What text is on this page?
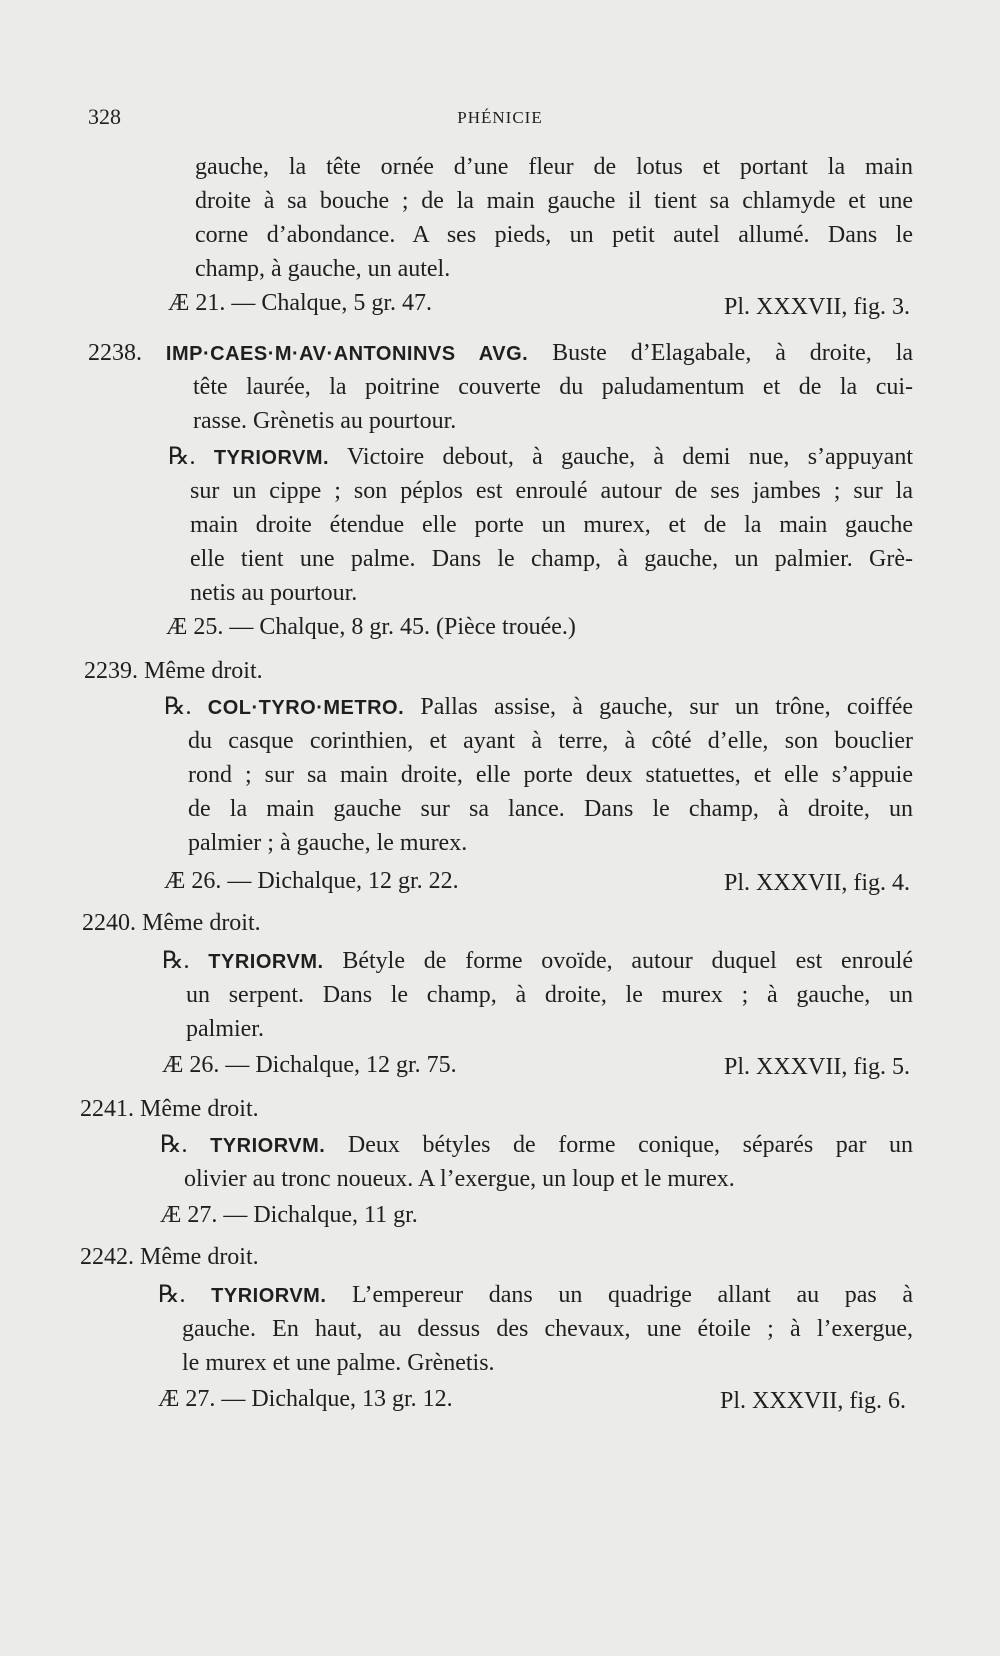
328	PHÉNICIE
gauche, la tête ornée d’une fleur de lotus et portant la main
droite à sa bouche ; de la main gauche il tient sa chlamyde et une
corne d’abondance. A ses pieds, un petit autel allumé. Dans le
champ, à gauche, un autel.
Æ 21. — Chalque, 5 gr. 47.	Pl. XXXVII, fig. 3.
2238. IMP·CAES·M·AV·ANTONINVS AVG. Buste d’Elagabale, à droite, la
tête laurée, la poitrine couverte du paludamentum et de la cui-
rasse. Grènetis au pourtour.
℞. TYRIORVM. Victoire debout, à gauche, à demi nue, s’appuyant
sur un cippe ; son péplos est enroulé autour de ses jambes ; sur la
main droite étendue elle porte un murex, et de la main gauche
elle tient une palme. Dans le champ, à gauche, un palmier. Grè-
netis au pourtour.
Æ 25. — Chalque, 8 gr. 45. (Pièce trouée.)
2239. Même droit.
℞. COL·TYRO·METRO. Pallas assise, à gauche, sur un trône, coiffée
du casque corinthien, et ayant à terre, à côté d’elle, son bouclier
rond ; sur sa main droite, elle porte deux statuettes, et elle s’appuie
de la main gauche sur sa lance. Dans le champ, à droite, un
palmier ; à gauche, le murex.
Æ 26. — Dichalque, 12 gr. 22.	Pl. XXXVII, fig. 4.
2240. Même droit.
℞. TYRIORVM. Bétyle de forme ovoïde, autour duquel est enroulé
un serpent. Dans le champ, à droite, le murex ; à gauche, un
palmier.
Æ 26. — Dichalque, 12 gr. 75.	Pl. XXXVII, fig. 5.
2241. Même droit.
℞. TYRIORVM. Deux bétyles de forme conique, séparés par un
olivier au tronc noueux. A l’exergue, un loup et le murex.
Æ 27. — Dichalque, 11 gr.
2242. Même droit.
℞. TYRIORVM. L’empereur dans un quadrige allant au pas à
gauche. En haut, au dessus des chevaux, une étoile ; à l’exergue,
le murex et une palme. Grènetis.
Æ 27. — Dichalque, 13 gr. 12.	Pl. XXXVII, fig. 6.
